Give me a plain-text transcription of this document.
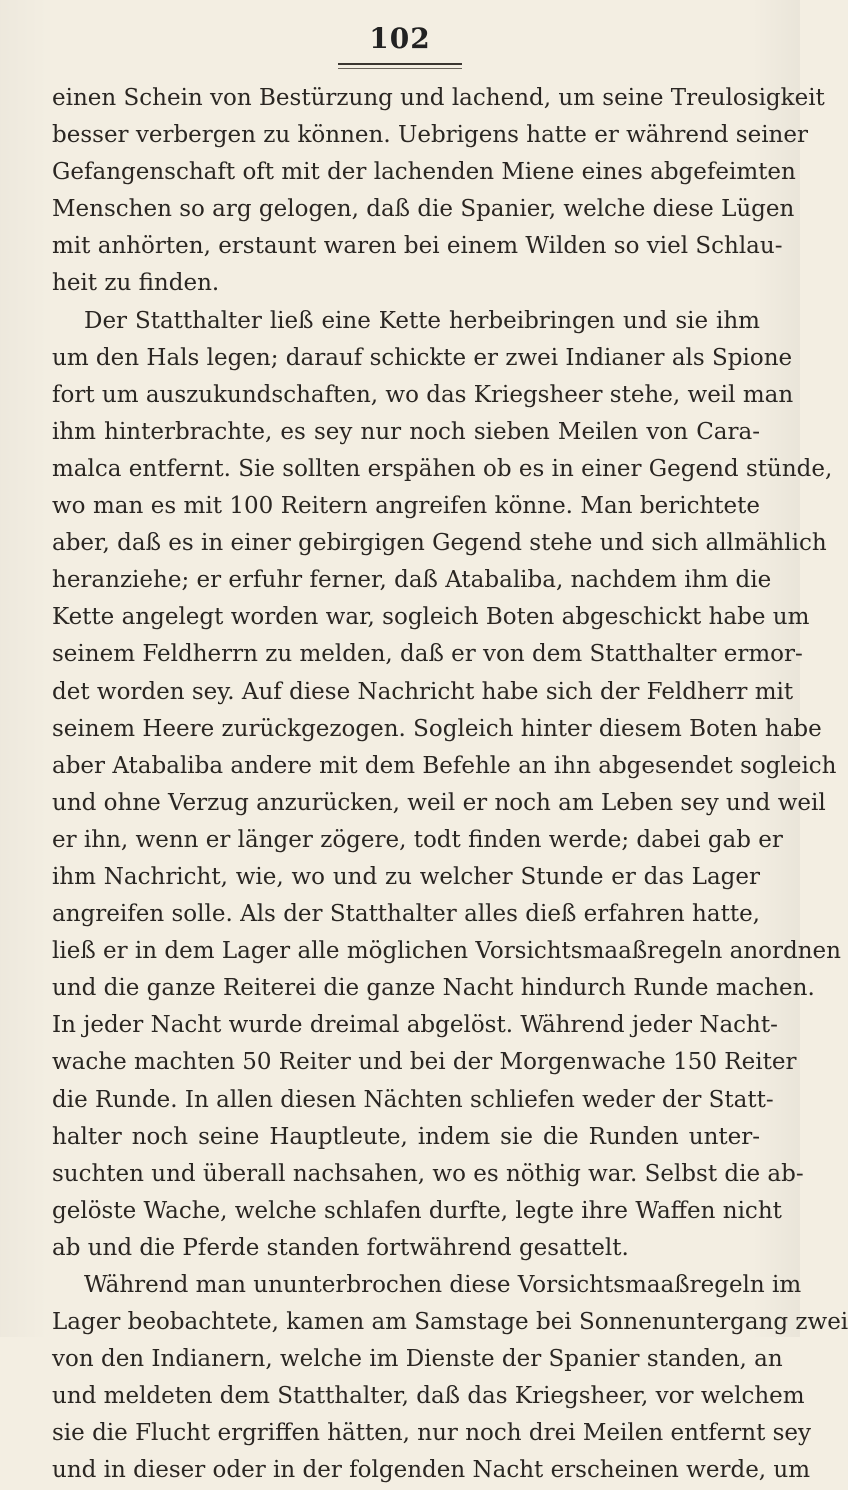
102
einen Schein von Bestürzung und lachend, um seine Treulosigkeit
besser verbergen zu können. Uebrigens hatte er während seiner
Gefangenschaft oft mit der lachenden Miene eines abgefeimten
Menschen so arg gelogen, daß die Spanier, welche diese Lügen
mit anhörten, erstaunt waren bei einem Wilden so viel Schlau-
heit zu finden.
Der Statthalter ließ eine Kette herbeibringen und sie ihm
um den Hals legen; darauf schickte er zwei Indianer als Spione
fort um auszukundschaften, wo das Kriegsheer stehe, weil man
ihm hinterbrachte, es sey nur noch sieben Meilen von Cara-
malca entfernt. Sie sollten erspähen ob es in einer Gegend stünde,
wo man es mit 100 Reitern angreifen könne. Man berichtete
aber, daß es in einer gebirgigen Gegend stehe und sich allmählich
heranziehe; er erfuhr ferner, daß Atabaliba, nachdem ihm die
Kette angelegt worden war, sogleich Boten abgeschickt habe um
seinem Feldherrn zu melden, daß er von dem Statthalter ermor-
det worden sey. Auf diese Nachricht habe sich der Feldherr mit
seinem Heere zurückgezogen. Sogleich hinter diesem Boten habe
aber Atabaliba andere mit dem Befehle an ihn abgesendet sogleich
und ohne Verzug anzurücken, weil er noch am Leben sey und weil
er ihn, wenn er länger zögere, todt finden werde; dabei gab er
ihm Nachricht, wie, wo und zu welcher Stunde er das Lager
angreifen solle. Als der Statthalter alles dieß erfahren hatte,
ließ er in dem Lager alle möglichen Vorsichtsmaaßregeln anordnen
und die ganze Reiterei die ganze Nacht hindurch Runde machen.
In jeder Nacht wurde dreimal abgelöst. Während jeder Nacht-
wache machten 50 Reiter und bei der Morgenwache 150 Reiter
die Runde. In allen diesen Nächten schliefen weder der Statt-
halter noch seine Hauptleute, indem sie die Runden unter-
suchten und überall nachsahen, wo es nöthig war. Selbst die ab-
gelöste Wache, welche schlafen durfte, legte ihre Waffen nicht
ab und die Pferde standen fortwährend gesattelt.
Während man ununterbrochen diese Vorsichtsmaaßregeln im
Lager beobachtete, kamen am Samstage bei Sonnenuntergang zwei
von den Indianern, welche im Dienste der Spanier standen, an
und meldeten dem Statthalter, daß das Kriegsheer, vor welchem
sie die Flucht ergriffen hätten, nur noch drei Meilen entfernt sey
und in dieser oder in der folgenden Nacht erscheinen werde, um
